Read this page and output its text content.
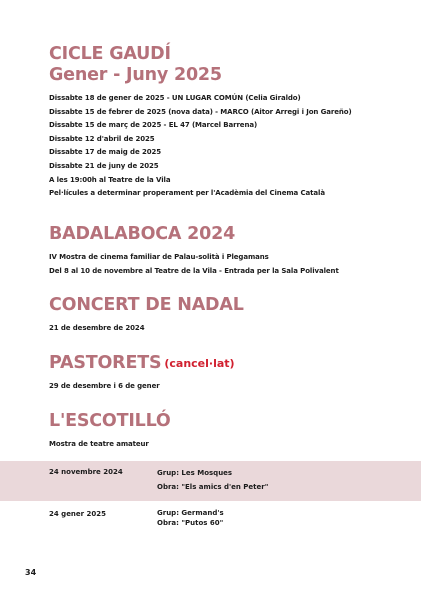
CICLE GAUDÍ
Gener - Juny 2025
Dissabte 18 de gener de 2025 - UN LUGAR COMÚN (Celia Giraldo)
Dissabte 15 de febrer de 2025 (nova data) - MARCO (Aitor Arregi i Jon Gareño)
Dissabte 15 de març de 2025 - EL 47 (Marcel Barrena)
Dissabte 12 d'abril de 2025
Dissabte 17 de maig de 2025
Dissabte 21 de juny de 2025
A les 19:00h al Teatre de la Vila
Pel·lícules a determinar properament per l'Acadèmia del Cinema Català
BADALABOCA 2024
IV Mostra de cinema familiar de Palau-solità i Plegamans
Del 8 al 10 de novembre al Teatre de la Vila - Entrada per la Sala Polivalent
CONCERT DE NADAL
21 de desembre de 2024
PASTORETS (cancel·lat)
29 de desembre i 6 de gener
L'ESCOTILLÓ
Mostra de teatre amateur
24 novembre 2024	Grup: Les Mosques
Obra: "Els amics d'en Peter"
24 gener 2025	Grup: Germand's
Obra: "Putos 60"
34
